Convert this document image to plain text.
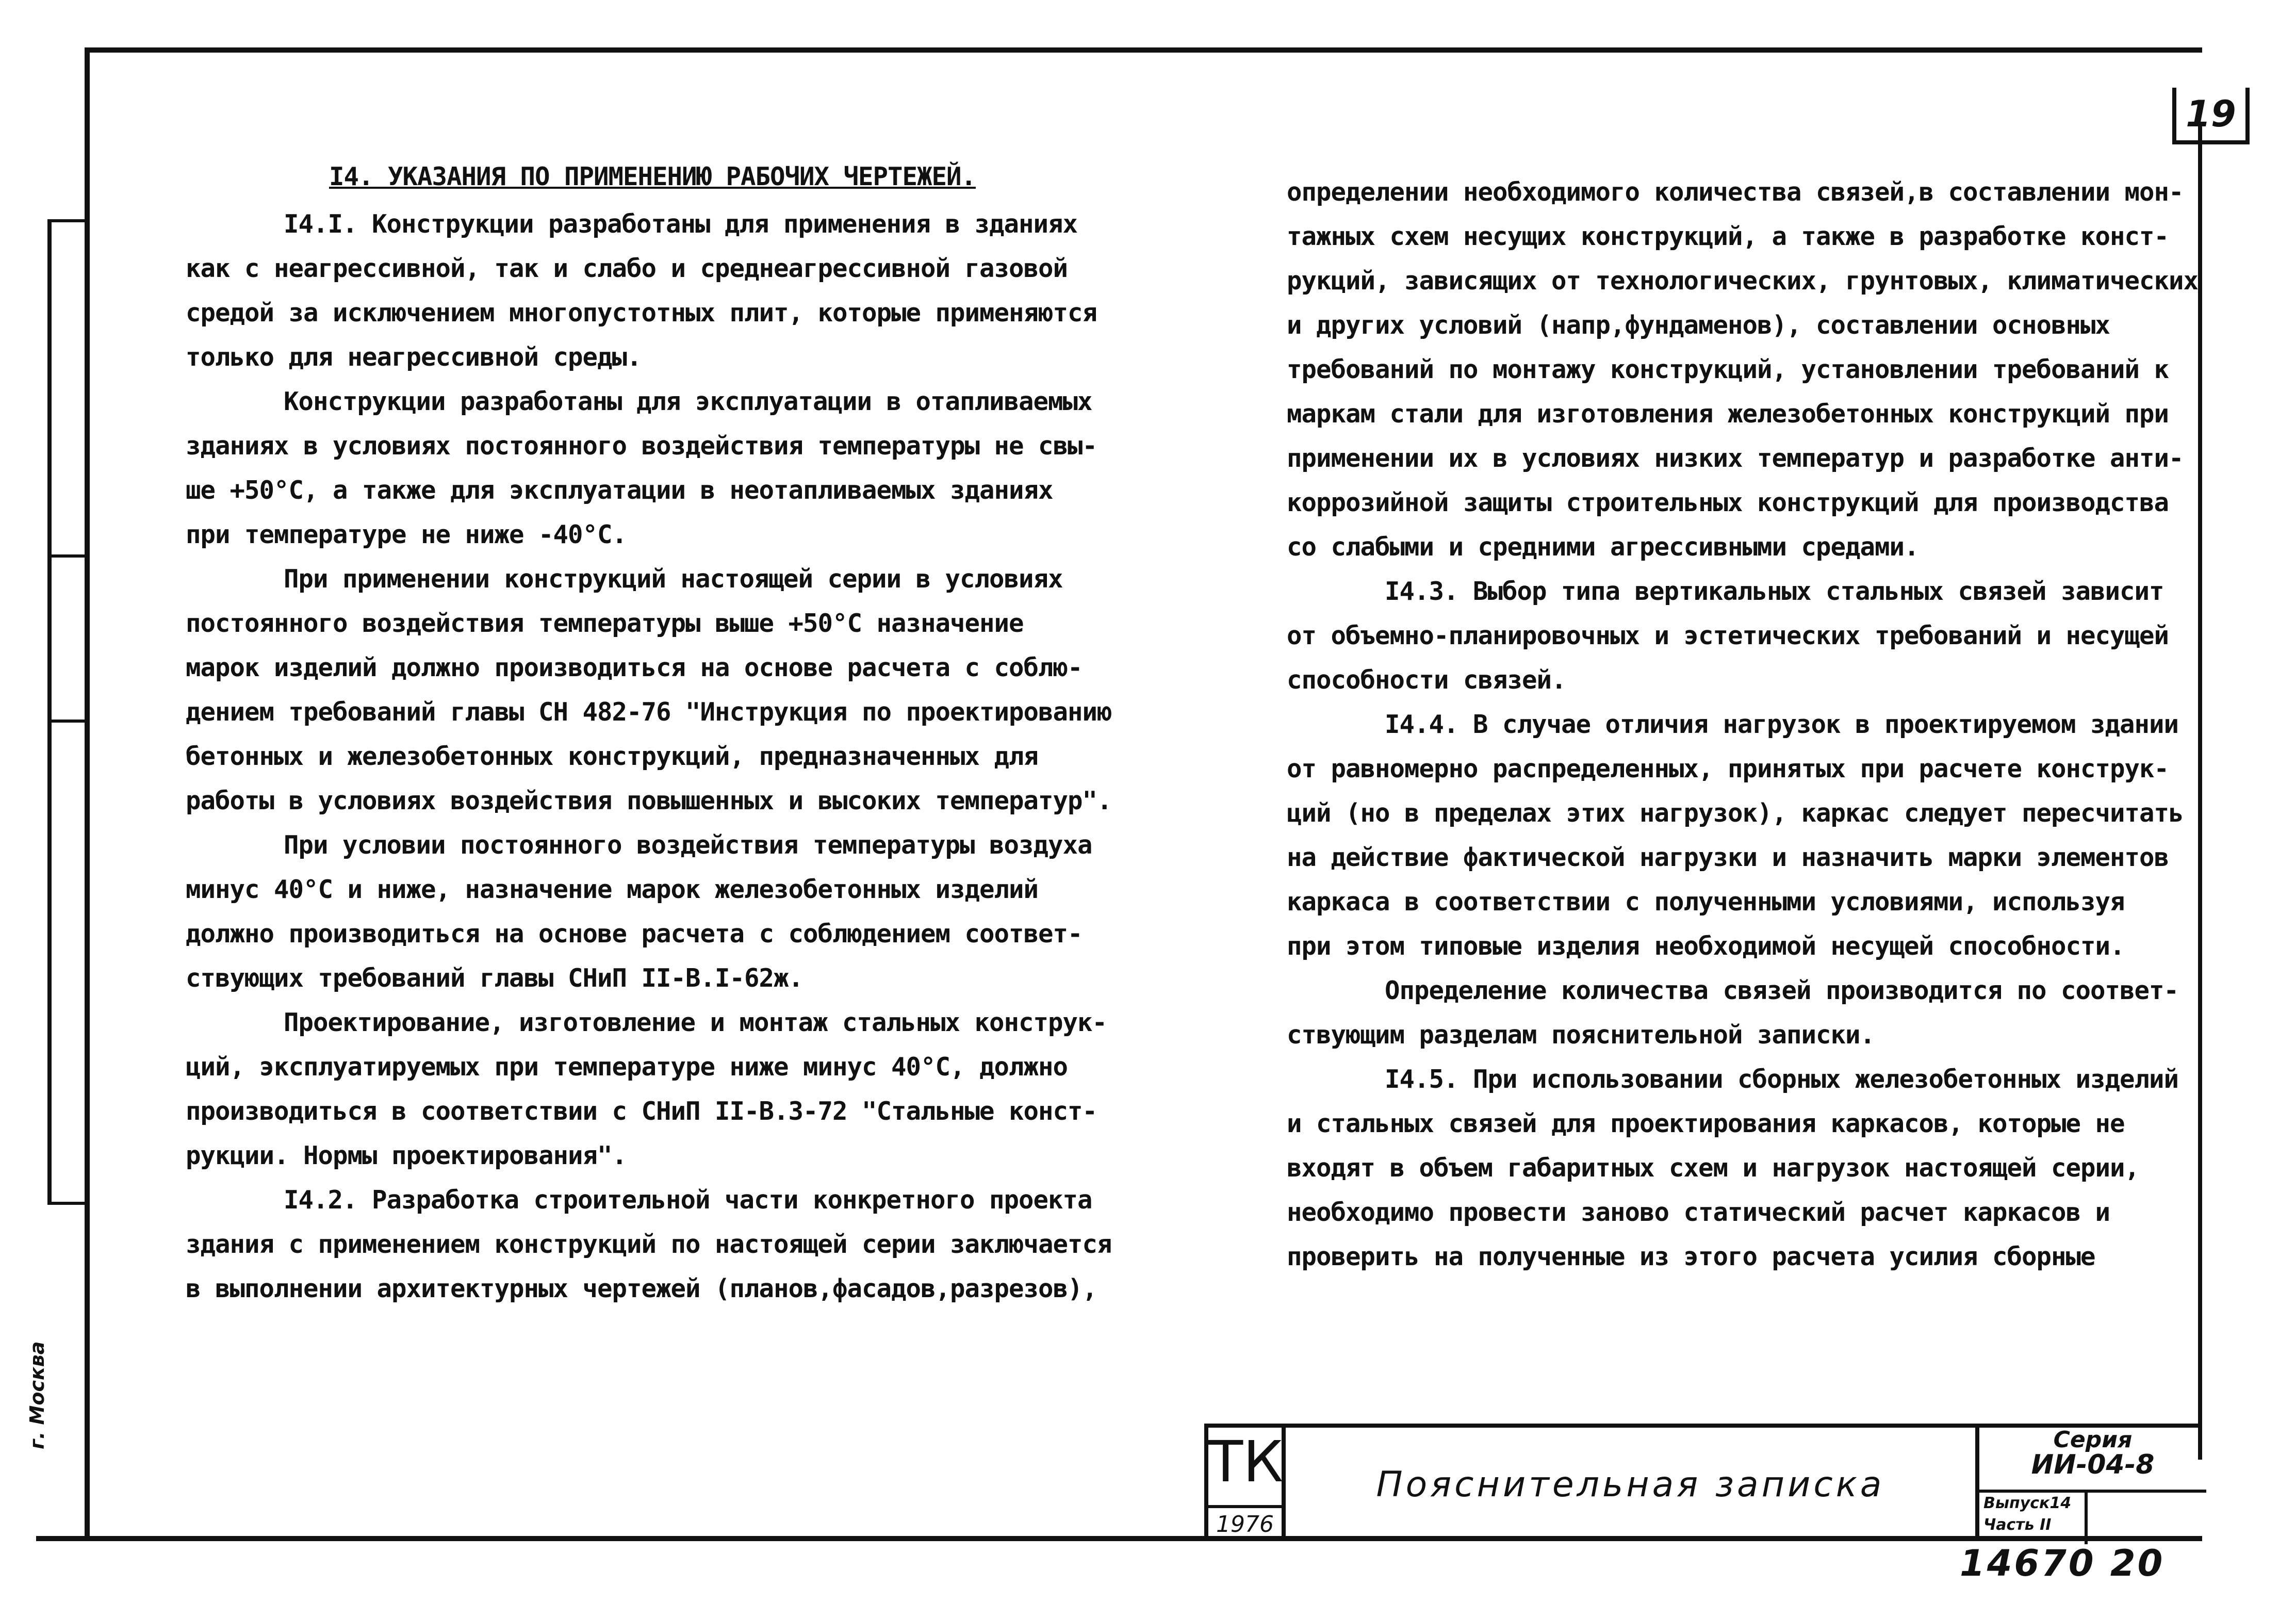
19
г. Москва
I4. УКАЗАНИЯ ПО ПРИМЕНЕНИЮ РАБОЧИХ ЧЕРТЕЖЕЙ.
I4.I. Конструкции разработаны для применения в зданиях
как с неагрессивной, так и слабо и среднеагрессивной газовой
средой за исключением многопустотных плит, которые применяются
только для неагрессивной среды.
Конструкции разработаны для эксплуатации в отапливаемых
зданиях в условиях постоянного воздействия температуры не свы-
ше +50°С, а также для эксплуатации в неотапливаемых зданиях
при температуре не ниже -40°С.
При применении конструкций настоящей серии в условиях
постоянного воздействия температуры выше +50°С назначение
марок изделий должно производиться на основе расчета с соблю-
дением требований главы СН 482-76 "Инструкция по проектированию
бетонных и железобетонных конструкций, предназначенных для
работы в условиях воздействия повышенных и высоких температур".
При условии постоянного воздействия температуры воздуха
минус 40°С и ниже, назначение марок железобетонных изделий
должно производиться на основе расчета с соблюдением соответ-
ствующих требований главы СНиП II-В.I-62ж.
Проектирование, изготовление и монтаж стальных конструк-
ций, эксплуатируемых при температуре ниже минус 40°С, должно
производиться в соответствии с СНиП II-В.3-72 "Стальные конст-
рукции. Нормы проектирования".
I4.2. Разработка строительной части конкретного проекта
здания с применением конструкций по настоящей серии заключается
в выполнении архитектурных чертежей (планов,фасадов,разрезов),
определении необходимого количества связей,в составлении мон-
тажных схем несущих конструкций, а также в разработке конст-
рукций, зависящих от технологических, грунтовых, климатических
и других условий (напр,фундаменов), составлении основных
требований по монтажу конструкций, установлении требований к
маркам стали для изготовления железобетонных конструкций при
применении их в условиях низких температур и разработке анти-
коррозийной защиты строительных конструкций для производства
со слабыми и средними агрессивными средами.
I4.3. Выбор типа вертикальных стальных связей зависит
от объемно-планировочных и эстетических требований и несущей
способности связей.
I4.4. В случае отличия нагрузок в проектируемом здании
от равномерно распределенных, принятых при расчете конструк-
ций (но в пределах этих нагрузок), каркас следует пересчитать
на действие фактической нагрузки и назначить марки элементов
каркаса в соответствии с полученными условиями, используя
при этом типовые изделия необходимой несущей способности.
Определение количества связей производится по соответ-
ствующим разделам пояснительной записки.
I4.5. При использовании сборных железобетонных изделий
и стальных связей для проектирования каркасов, которые не
входят в объем габаритных схем и нагрузок настоящей серии,
необходимо провести заново статический расчет каркасов и
проверить на полученные из этого расчета усилия сборные
ТК
1976
Пояснительная записка
Серия
ИИ-04-8
Выпуск14
Часть II
14670 20
